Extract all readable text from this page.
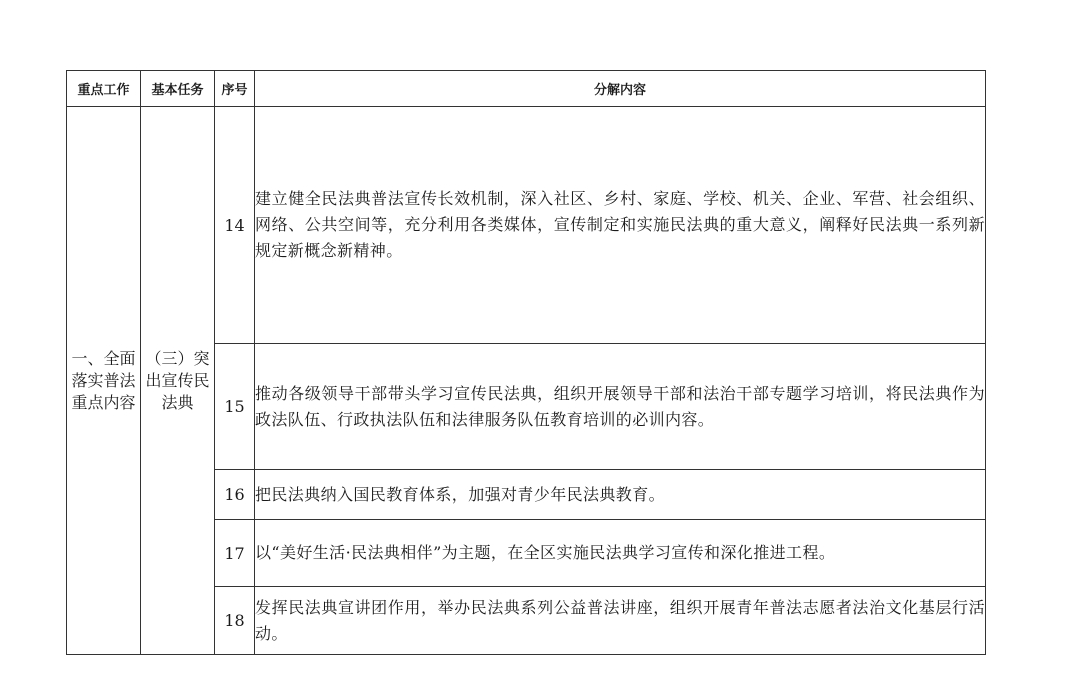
重点工作	基本任务	序号	分解内容
一、全面落实普法重点内容	（三）突出宣传民法典	14	建立健全民法典普法宣传长效机制，深入社区、乡村、家庭、学校、机关、企业、军营、社会组织、网络、公共空间等，充分利用各类媒体，宣传制定和实施民法典的重大意义，阐释好民法典一系列新规定新概念新精神。
		15	推动各级领导干部带头学习宣传民法典，组织开展领导干部和法治干部专题学习培训，将民法典作为政法队伍、行政执法队伍和法律服务队伍教育培训的必训内容。
		16	把民法典纳入国民教育体系，加强对青少年民法典教育。
		17	以“美好生活·民法典相伴”为主题，在全区实施民法典学习宣传和深化推进工程。
		18	发挥民法典宣讲团作用，举办民法典系列公益普法讲座，组织开展青年普法志愿者法治文化基层行活动。
